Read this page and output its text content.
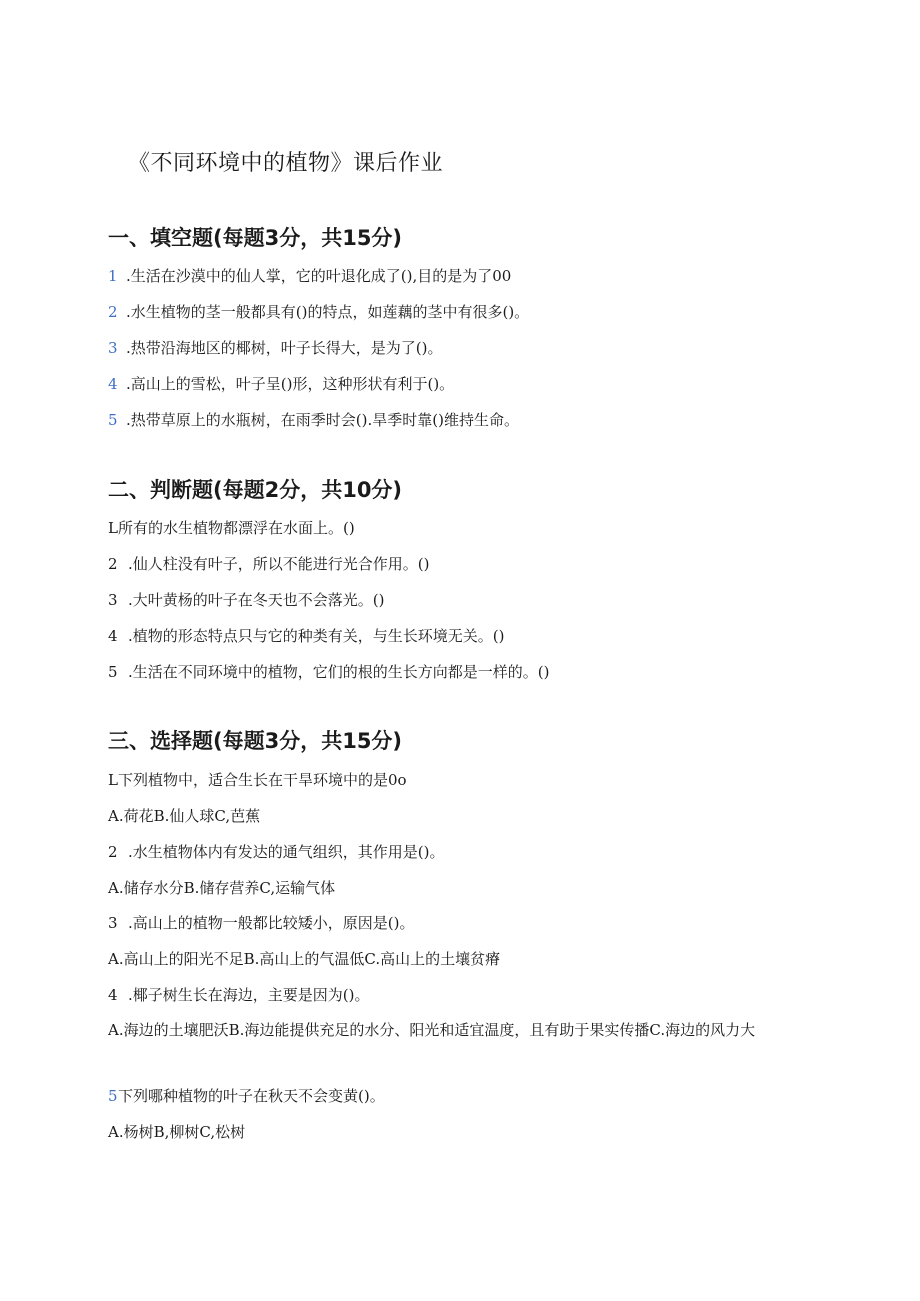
《不同环境中的植物》课后作业
一、填空题(每题3分，共15分)
1 .生活在沙漠中的仙人掌，它的叶退化成了(),目的是为了00
2 .水生植物的茎一般都具有()的特点，如莲藕的茎中有很多()。
3 .热带沿海地区的椰树，叶子长得大，是为了()。
4 .高山上的雪松，叶子呈()形，这种形状有利于()。
5 .热带草原上的水瓶树，在雨季时会().旱季时靠()维持生命。
二、判断题(每题2分，共10分)
L所有的水生植物都漂浮在水面上。()
2 .仙人柱没有叶子，所以不能进行光合作用。()
3 .大叶黄杨的叶子在冬天也不会落光。()
4 .植物的形态特点只与它的种类有关，与生长环境无关。()
5 .生活在不同环境中的植物，它们的根的生长方向都是一样的。()
三、选择题(每题3分，共15分)
L下列植物中，适合生长在干旱环境中的是0o
A.荷花B.仙人球C,芭蕉
2 .水生植物体内有发达的通气组织，其作用是()。
A.储存水分B.储存营养C,运输气体
3 .高山上的植物一般都比较矮小，原因是()。
A.高山上的阳光不足B.高山上的气温低C.高山上的土壤贫瘠
4 .椰子树生长在海边，主要是因为()。
A.海边的土壤肥沃B.海边能提供充足的水分、阳光和适宜温度，且有助于果实传播C.海边的风力大
5下列哪种植物的叶子在秋天不会变黄()。
A.杨树B,柳树C,松树
